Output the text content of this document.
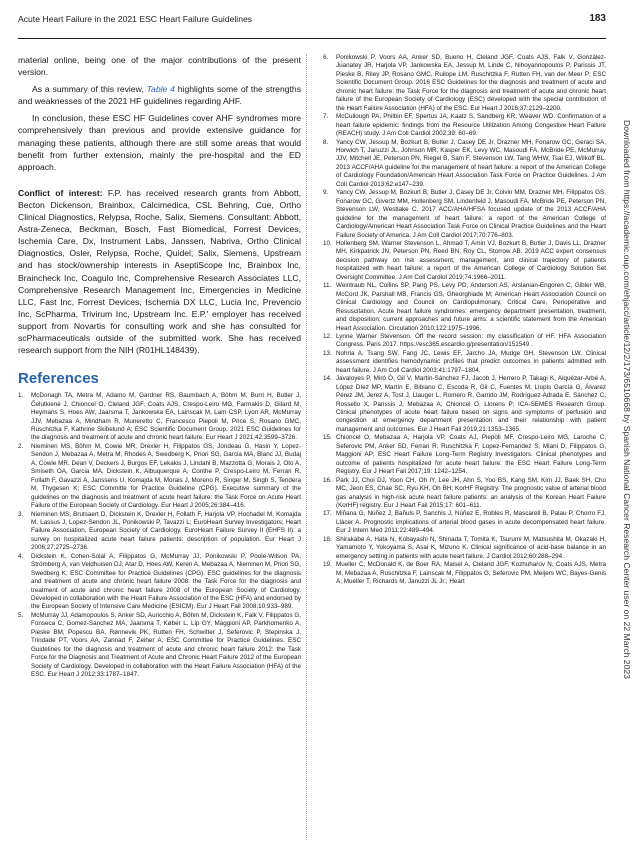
Acute Heart Failure in the 2021 ESC Heart Failure Guidelines	183

material online, being one of the major contributions of the present version.

As a summary of this review, Table 4 highlights some of the strengths and weaknesses of the 2021 HF guidelines regarding AHF.

In conclusion, these ESC HF Guidelines cover AHF syndromes more comprehensively than previous and provide extensive guidance for managing these patients, although there are still some areas that would benefit from further extension, mainly the pre-hospital and the ED approach.

Conflict of interest: F.P. has received research grants from Abbott, Becton Dickenson, Brainbox, Calcimedica, CSL Behring, Cue, Ortho Clinical Diagnostics, Relypsa, Roche, Salix, Siemens. Consultant: Abbott, Astra-Zeneca, Beckman, Bosch, Fast Biomedical, Forrest Devices, Ischemia Care, Dx, Instrument Labs, Janssen, Nabriva, Ortho Clinical Diagnostics, Osler, Relypsa, Roche, Quidel, Salix, Siemens, Upstream and has stock/ownership interests in AseptiScope Inc, Brainbox Inc, Braincheck Inc, Coagulo Inc, Comprehensive Research Associates LLC, Comprehensive Research Management Inc, Emergencies in Medicine LLC, Fast Inc, Forrest Devices, Ischemia DX LLC, Lucia Inc, Prevencio Inc, ScPharma, Trivirum Inc, Upstream Inc. E.P.' employer has received support from Novartis for consulting work and she has consulted for scPharmaceuticals outside of the submitted work. She has received research support from the NIH (R01HL148439).

References
1. McDonagh TA, Metra M, Adamo M, Gardner RS, Baumbach A, Böhm M, Burri H, Butler J, Čelutkienė J, Chioncel O, Cleland JGF, Coats AJS, Crespo-Leiro MG, Farmakis D, Gilard M, Heymans S, Hoes AW, Jaarsma T, Jankowska EA, Lainscak M, Lam CSP, Lyon AR, McMurray JJV, Mebazaa A, Mindham R, Muneretto C, Francesco Piepoli M, Price S, Rosano GMC, Ruschitzka F, Kathrine Skibelund A; ESC Scientific Document Group. 2021 ESC Guidelines for the diagnosis and treatment of acute and chronic heart failure. Eur Heart J 2021;42:3599–3726.
2. Nieminen MS, Böhm M, Cowie MR, Drexler H, Filippatos GS, Jondeau G, Hasin Y, Lopez-Sendon J, Mebazaa A, Metra M, Rhodes A, Swedberg K, Priori SG, Garcia MA, Blanc JJ, Budaj A, Cowie MR, Dean V, Deckers J, Burgos EF, Lekakis J, Lindahl B, Mazzotta G, Morais J, Oto A, Smiseth OA, Garcia MA, Dickstein K, Albuquerque A, Conthe P, Crespo-Leiro M, Ferrari R, Follath F, Gavazzi A, Janssens U, Komajda M, Morais J, Moreno R, Singer M, Singh S, Tendera M, Thygesen K; ESC Committe for Practice Guideline (CPG). Executive summary of the guidelines on the diagnosis and treatment of acute heart failure: the Task Force on Acute Heart Failure of the European Society of Cardiology. Eur Heart J 2005;26:384–416.
3. Nieminen MS, Brutsaert D, Dickstein K, Drexler H, Follath F, Harjola VP, Hochadel M, Komajda M, Lassus J, Lopez-Sendon JL, Ponikowski P, Tavazzi L; EuroHeart Survey Investigators; Heart Failure Association, European Society of Cardiology. EuroHeart Failure Survey II (EHFS II): a survey on hospitalized acute heart failure patients: description of population. Eur Heart J 2006;27:2725–2736.
4. Dickstein K, Cohen-Solal A, Filippatos G, McMurray JJ, Ponikowski P, Poole-Wilson PA, Strömberg A, van Veldhuisen DJ, Atar D, Hoes AW, Keren A, Mebazaa A, Nieminen M, Priori SG, Swedberg K; ESC Committee for Practice Guidelines (CPG). ESC guidelines for the diagnosis and treatment of acute and chronic heart failure 2008: the Task Force for the diagnosis and treatment of acute and chronic heart failure 2008 of the European Society of Cardiology. Developed in collaboration with the Heart Failure Association of the ESC (HFA) and endorsed by the European Society of Intensive Care Medicine (ESICM). Eur J Heart Fail 2008;10:933–989.
5. McMurray JJ, Adamopoulos S, Anker SD, Auricchio A, Böhm M, Dickstein K, Falk V, Filippatos G, Fonseca C, Gomez-Sanchez MA, Jaarsma T, Køber L, Lip GY, Maggioni AP, Parkhomenko A, Pieske BM, Popescu BA, Rønnevik PK, Rutten FH, Schwitter J, Seferovic P, Stepinska J, Trindade PT, Voors AA, Zannad F, Zeiher A; ESC Committee for Practice Guidelines. ESC Guidelines for the diagnosis and treatment of acute and chronic heart failure 2012: the Task Force for the Diagnosis and Treatment of Acute and Chronic Heart Failure 2012 of the European Society of Cardiology. Developed in collaboration with the Heart Failure Association (HFA) of the ESC. Eur Heart J 2012;33:1787–1847.
6. Ponikowski P, Voors AA, Anker SD, Bueno H, Cleland JGF, Coats AJS, Falk V, González-Juanatey JR, Harjola VP, Jankowska EA, Jessup M, Linde C, Nihoyannopoulos P, Parissis JT, Pieske B, Riley JP, Rosano GMC, Ruilope LM, Ruschitzka F, Rutten FH, van der Meer P; ESC Scientific Document Group. 2016 ESC Guidelines for the diagnosis and treatment of acute and chronic heart failure: the Task Force for the diagnosis and treatment of acute and chronic heart failure of the European Society of Cardiology (ESC) developed with the special contribution of the Heart Failure Association (HFA) of the ESC. Eur Heart J 2016;37:2129–2200.
7. McCullough PA, Philbin EF, Spertus JA, Kaatz S, Sandberg KR, Weaver WD. Confirmation of a heart failure epidemic: findings from the Resource Utilization Among Congestive Heart Failure (REACH) study. J Am Coll Cardiol 2002;39: 60–69.
8. Yancy CW, Jessup M, Bozkurt B, Butler J, Casey DE Jr, Drazner MH, Fonarow GC, Geraci SA, Horwich T, Januzzi JL, Johnson MR, Kasper EK, Levy WC, Masoudi FA, McBride PE, McMurray JJV, Mitchell JE, Peterson PN, Riegel B, Sam F, Stevenson LW, Tang WHW, Tsai EJ, Wilkoff BL. 2013 ACCF/AHA guideline for the management of heart failure: a report of the American College of Cardiology Foundation/American Heart Association Task Force on Practice Guidelines. J Am Coll Cardiol 2013;62:e147–239.
9. Yancy CW, Jessup M, Bozkurt B, Butler J, Casey DE Jr, Colvin MM, Drazner MH, Filippatos GS, Fonarow GC, Givertz MM, Hollenberg SM, Lindenfeld J, Masoudi FA, McBride PE, Peterson PN, Stevenson LW, Westlake C. 2017 ACC/AHA/HFSA focused update of the 2013 ACCF/AHA guideline for the management of heart failure: a report of the American College of Cardiology/American Heart Association Task Force on Clinical Practice Guidelines and the Heart Failure Society of America. J Am Coll Cardiol 2017;70:776–803.
10. Hollenberg SM, Warner Stevenson L, Ahmad T, Amin VJ, Bozkurt B, Butler J, Davis LL, Drazner MH, Kirkpatrick JN, Peterson PN, Reed BN, Roy CL, Storrow AB. 2019 ACC expert consensus decision pathway on risk assessment, management, and clinical trajectory of patients hospitalized with heart failure: a report of the American College of Cardiology Solution Set Oversight Committee. J Am Coll Cardiol 2019;74:1966–2011.
11. Weintraub NL, Collins SP, Pang PS, Levy PD, Anderson AS, Arslanian-Engoren C, Gibler WB, McCord JK, Parshall MB, Francis GS, Gheorghiade M; American Heart Association Council on Clinical Cardiology and Council on Cardiopulmonary, Critical Care, Perioperative and Resuscitation. Acute heart failure syndromes: emergency department presentation, treatment, and disposition: current approaches and future aims: a scientific statement from the American Heart Association. Circulation 2010;122:1975–1996.
12. Lynne Warner Stevenson. Off the record session: my classification of HF. HFA Association Congress. Paris 2017. https://esc365.escardio.g/presentation/151549 .
13. Nohria A, Tsang SW, Fang JC, Lewis EF, Jarcho JA, Mudge GH, Stevenson LW. Clinical assessment identifies hemodynamic profiles that predict outcomes in patients admitted with heart failure. J Am Coll Cardiol 2003;41:1797–1804.
14. Javaloyes P, Miró Ò, Gil V, Martín-Sánchez FJ, Jacob J, Herrero P, Takagi K, Alquézar-Arbé A, López Díez MP, Martín E, Bibiano C, Escoda R, Gil C, Fuentes M, Llopis García G, Álvarez Pérez JM, Jerez A, Tost J, Llauger L, Romero R, Garrido JM, Rodríguez-Adrada E, Sánchez C, Rossello X, Parissis J, Mebazaa A, Chioncel O, Llorens P; ICA-SEMES Research Group. Clinical phenotypes of acute heart failure based on signs and symptoms of perfusion and congestion at emergency department presentation and their relationship with patient management and outcomes. Eur J Heart Fail 2019;21:1353–1365.
15. Chioncel O, Mebazaa A, Harjola VP, Coats AJ, Piepoli MF, Crespo-Leiro MG, Laroche C, Seferovic PM, Anker SD, Ferrari R, Ruschitzka F, Lopez-Fernandez S, Miani D, Filippatos G, Maggioni AP; ESC Heart Failure Long-Term Registry Investigators. Clinical phenotypes and outcome of patients hospitalized for acute heart failure: the ESC Heart Failure Long-Term Registry. Eur J Heart Fail 2017;19: 1242–1254.
16. Park JJ, Choi DJ, Yoon CH, Oh IY, Lee JH, Ahn S, Yoo BS, Kang SM, Kim JJ, Baek SH, Cho MC, Jeon ES, Chae SC, Ryu KH, Oh BH; KorHF Registry. The prognostic value of arterial blood gas analysis in high-risk acute heart failure patients: an analysis of the Korean Heart Failure (KorHF) registry. Eur J Heart Fail 2015;17: 601–611.
17. Miñana G, Núñez J, Bañuls P, Sanchis J, Núñez E, Robles R, Mascarell B, Palau P, Chorro FJ, Llàcer A. Prognostic implications of arterial blood gases in acute decompensated heart failure. Eur J Intern Med 2011;22:489–494.
18. Shirakabe A, Hata N, Kobayashi N, Shinada T, Tomita K, Tsurumi M, Matsushita M, Okazaki H, Yamamoto Y, Yokoyama S, Asai K, Mizuno K. Clinical significance of acid-base balance in an emergency setting in patients with acute heart failure. J Cardiol 2012;60:288–294.
19. Mueller C, McDonald K, de Boer RA, Maisel A, Cleland JGF, Kozhuharov N, Coats AJS, Metra M, Mebazaa A, Ruschitzka F, Lainscak M, Filippatos G, Seferovic PM, Meijers WC, Bayes-Genis A, Mueller T, Richards M, Januzzi JL Jr.; Heart	Downloaded from https://academic.oup.com/ehjacc/article/12/2/173/6510668 by Spanish National Cancer Research Center user on 22 March 2023
